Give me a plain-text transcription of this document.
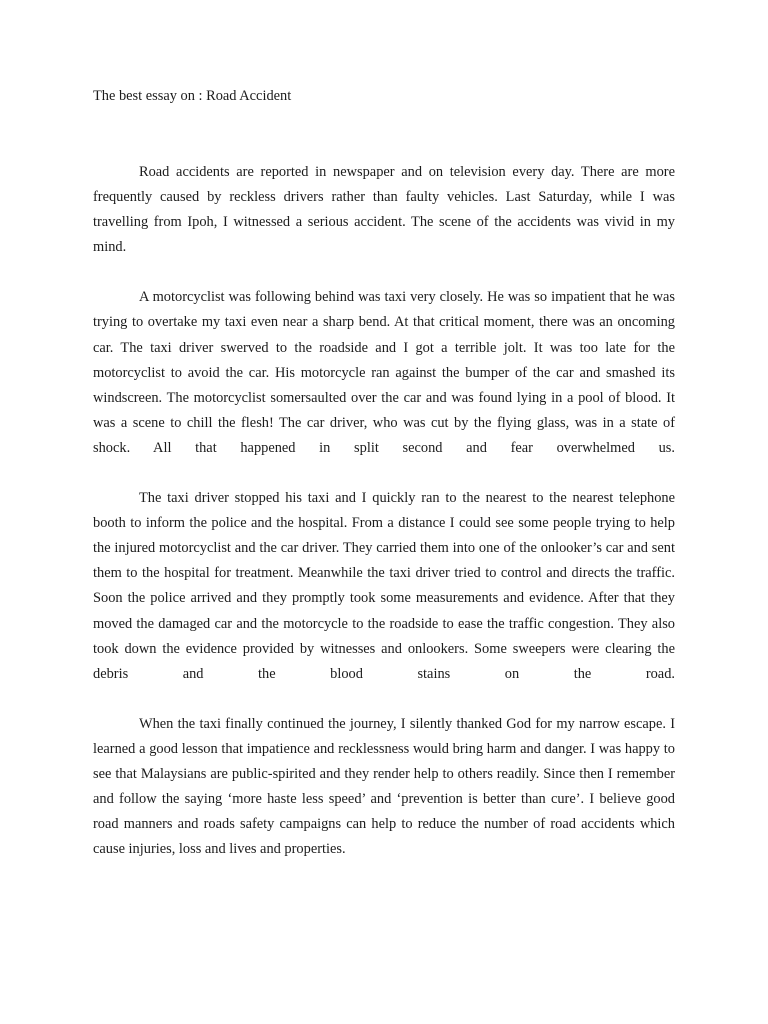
The best essay on : Road Accident

Road accidents are reported in newspaper and on television every day. There are more frequently caused by reckless drivers rather than faulty vehicles. Last Saturday, while I was travelling from Ipoh, I witnessed a serious accident. The scene of the accidents was vivid in my mind.

A motorcyclist was following behind was taxi very closely. He was so impatient that he was trying to overtake my taxi even near a sharp bend. At that critical moment, there was an oncoming car. The taxi driver swerved to the roadside and I got a terrible jolt. It was too late for the motorcyclist to avoid the car. His motorcycle ran against the bumper of the car and smashed its windscreen. The motorcyclist somersaulted over the car and was found lying in a pool of blood. It was a scene to chill the flesh! The car driver, who was cut by the flying glass, was in a state of shock. All that happened in split second and fear overwhelmed us.

The taxi driver stopped his taxi and I quickly ran to the nearest to the nearest telephone booth to inform the police and the hospital. From a distance I could see some people trying to help the injured motorcyclist and the car driver. They carried them into one of the onlooker’s car and sent them to the hospital for treatment. Meanwhile the taxi driver tried to control and directs the traffic. Soon the police arrived and they promptly took some measurements and evidence. After that they moved the damaged car and the motorcycle to the roadside to ease the traffic congestion. They also took down the evidence provided by witnesses and onlookers. Some sweepers were clearing the debris and the blood stains on the road.

When the taxi finally continued the journey, I silently thanked God for my narrow escape. I learned a good lesson that impatience and recklessness would bring harm and danger. I was happy to see that Malaysians are public-spirited and they render help to others readily. Since then I remember and follow the saying ‘more haste less speed’ and ‘prevention is better than cure’. I believe good road manners and roads safety campaigns can help to reduce the number of road accidents which cause injuries, loss and lives and properties.
